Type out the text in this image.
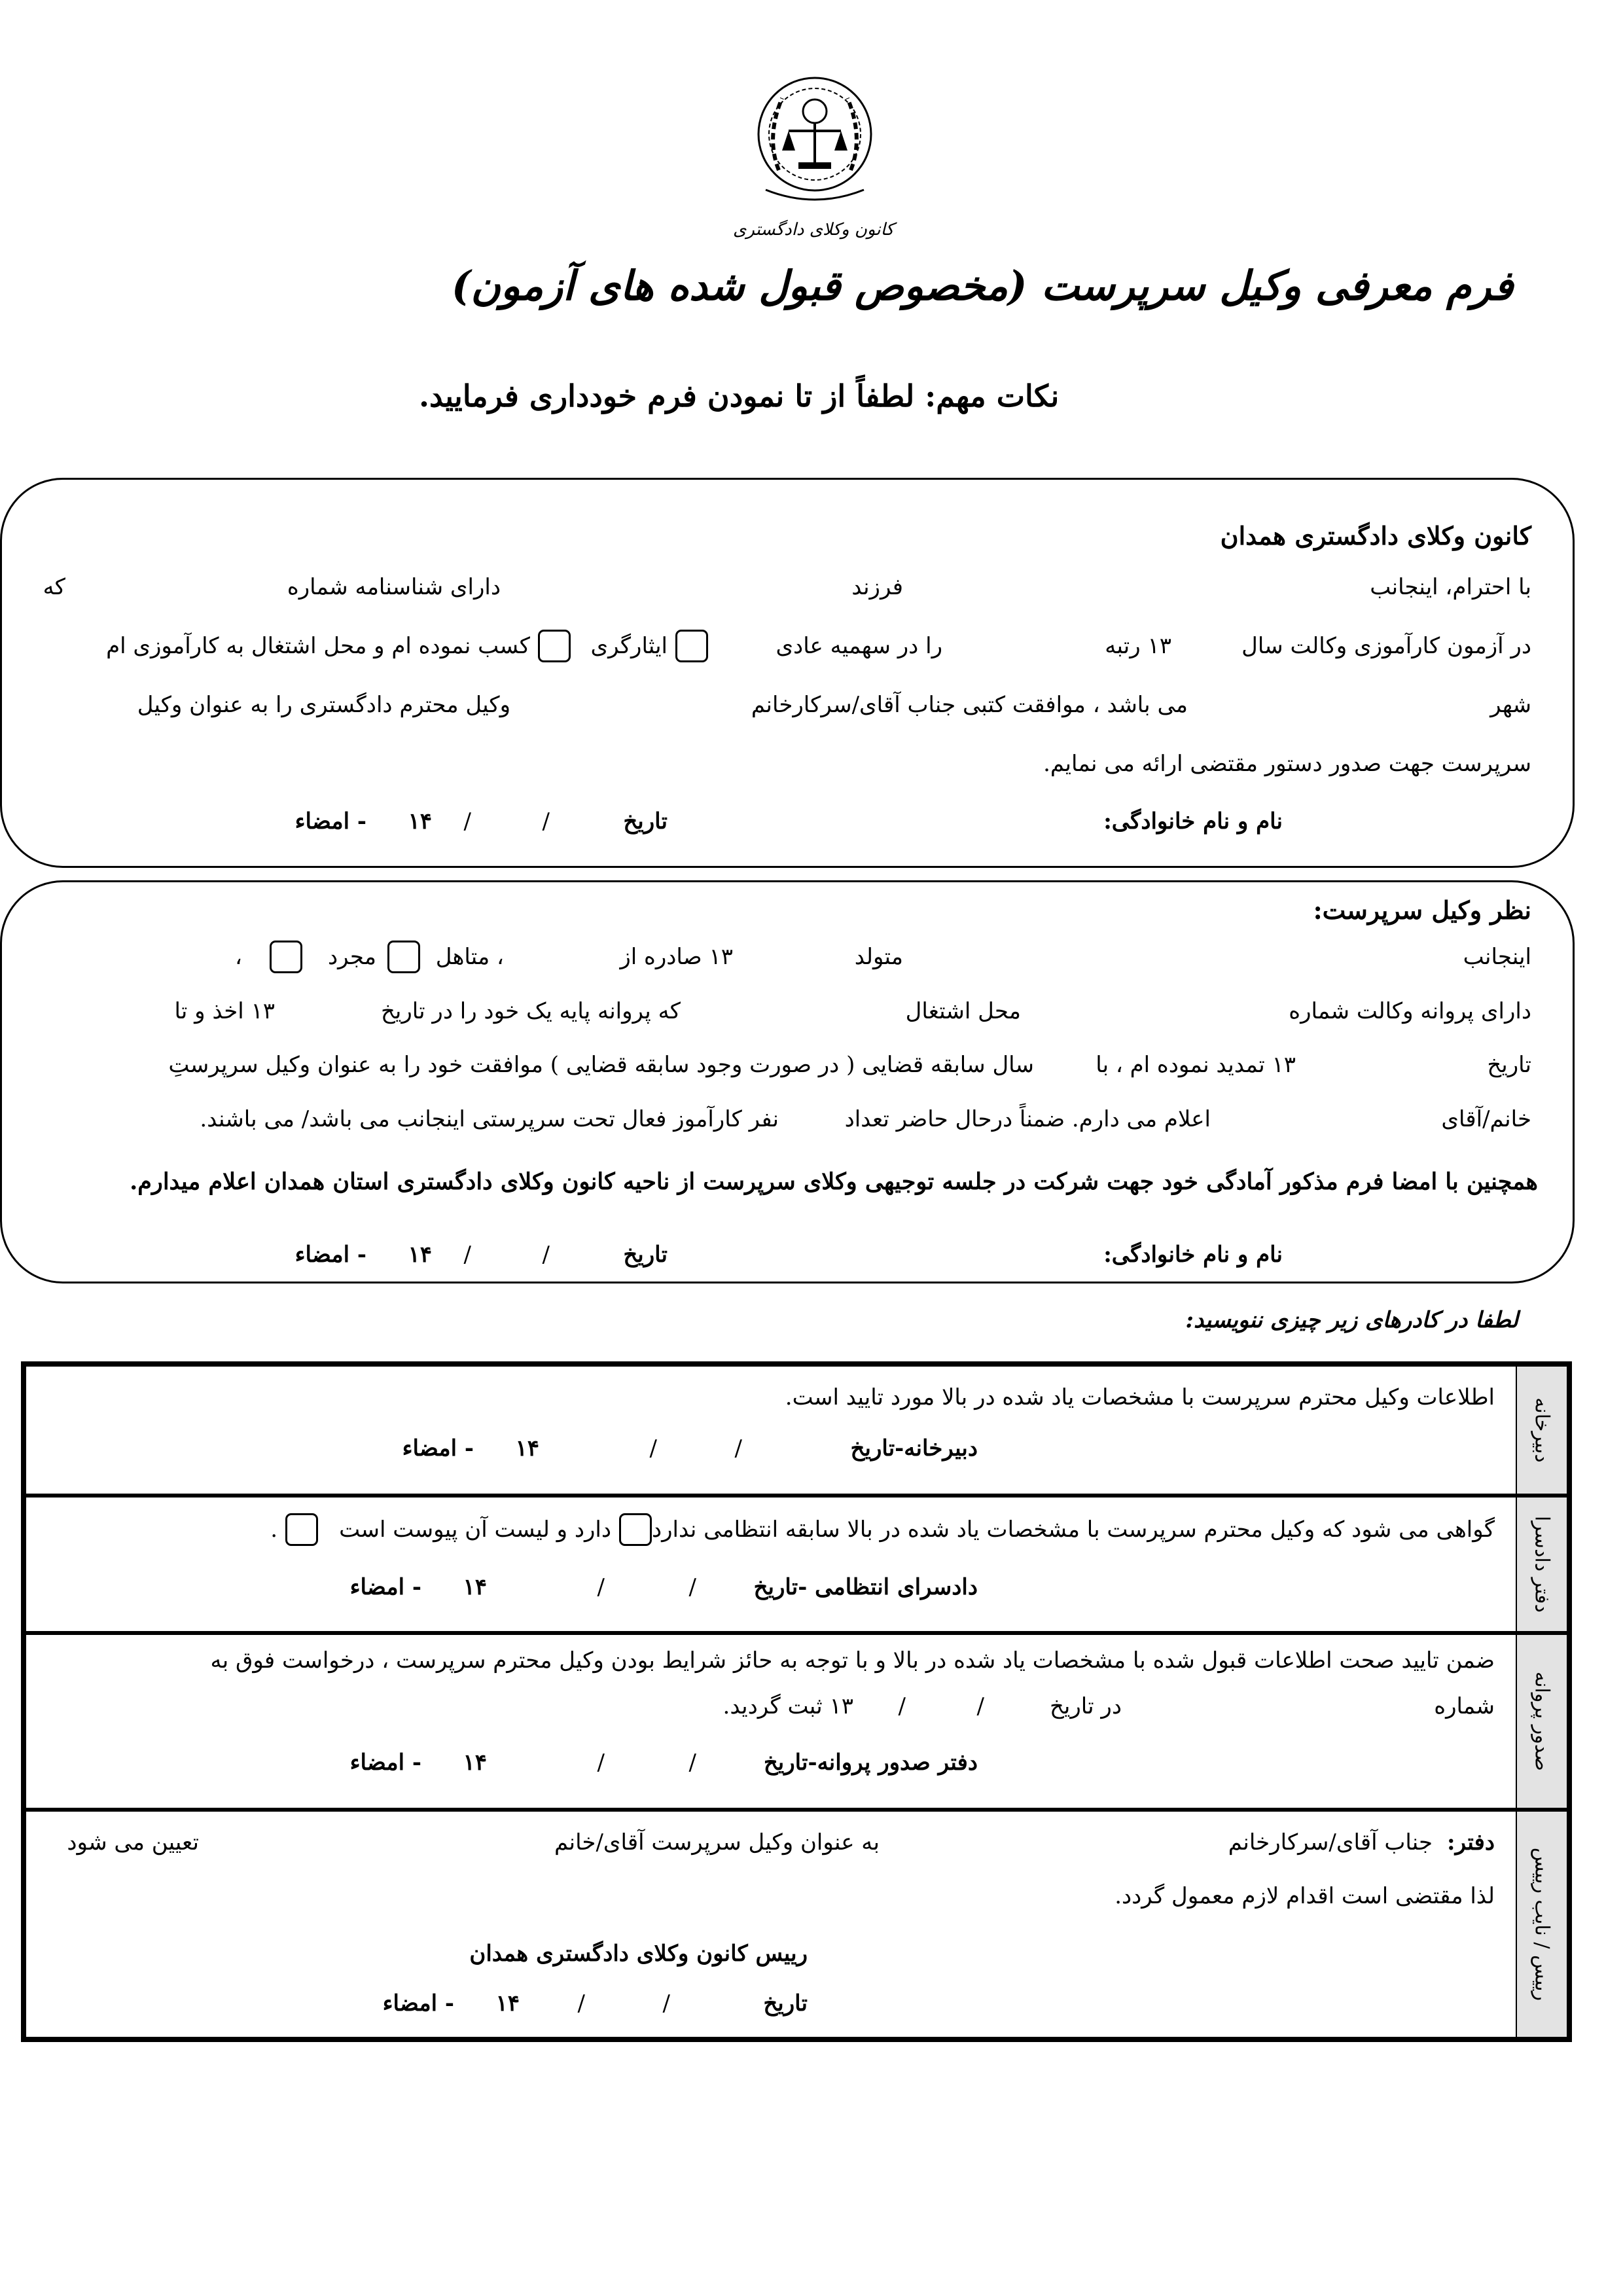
کانون وکلای دادگستری
فرم معرفی وکیل سرپرست (مخصوص قبول شده های آزمون)
نکات مهم: لطفاً از تا نمودن فرم خودداری فرمایید.
کانون وکلای دادگستری همدان
با احترام، اینجانب
فرزند
دارای شناسنامه شماره
که
در آزمون کارآموزی وکالت سال
۱۳ رتبه
را در سهمیه عادی
ایثارگری
کسب نموده ام و محل اشتغال به کارآموزی ام
شهر
می باشد ، موافقت کتبی جناب آقای/سرکارخانم
وکیل محترم دادگستری را به عنوان وکیل
سرپرست جهت صدور دستور مقتضی ارائه می نمایم.
نام و نام خانوادگی:
تاریخ
/
/
۱۴
- امضاء
نظر وکیل سرپرست:
اینجانب
متولد
۱۳ صادره از
، متاهل
مجرد
،
دارای پروانه وکالت شماره
محل اشتغال
که پروانه پایه یک خود را در تاریخ
۱۳ اخذ و تا
تاریخ
۱۳ تمدید نموده ام ، با
سال سابقه قضایی ( در صورت وجود سابقه قضایی ) موافقت خود را به عنوان وکیل سرپرستِ
خانم/آقای
اعلام می دارم. ضمناً درحال حاضر تعداد
نفر کارآموز فعال تحت سرپرستی اینجانب می باشد/ می باشند.
همچنین با امضا فرم مذکور آمادگی خود جهت شرکت در جلسه توجیهی وکلای سرپرست از ناحیه کانون وکلای دادگستری استان همدان اعلام میدارم.
نام و نام خانوادگی:
تاریخ
/
/
۱۴
- امضاء
لطفا در کادرهای زیر چیزی ننویسید:
دبیرخانه
اطلاعات وکیل محترم سرپرست با مشخصات یاد شده در بالا مورد تایید است.
دبیرخانه-تاریخ
/
/
۱۴
- امضاء
دفتر دادسرا
گواهی می شود که وکیل محترم سرپرست با مشخصات یاد شده در بالا سابقه انتظامی ندارد
دارد و لیست آن پیوست است
.
دادسرای انتظامی -تاریخ
/
/
۱۴
- امضاء
صدور پروانه
ضمن تایید صحت اطلاعات قبول شده با مشخصات یاد شده در بالا و با توجه به حائز شرایط بودن وکیل محترم سرپرست ، درخواست فوق به
شماره
در تاریخ
/
/
۱۳ ثبت گردید.
دفتر صدور پروانه-تاریخ
/
/
۱۴
- امضاء
رییس / نایب رییس
دفتر:
جناب آقای/سرکارخانم
به عنوان وکیل سرپرست آقای/خانم
تعیین می شود
لذا مقتضی است اقدام لازم معمول گردد.
رییس کانون وکلای دادگستری همدان
تاریخ
/
/
۱۴
- امضاء
